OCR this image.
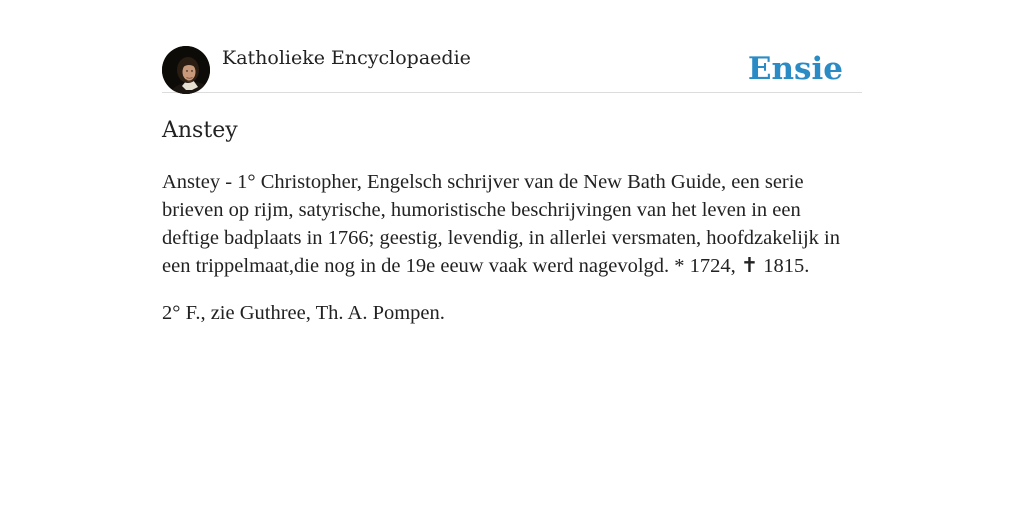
Katholieke Encyclopaedie	Ensie
Anstey

Anstey - 1° Christopher, Engelsch schrijver van de New Bath Guide, een serie brieven op rijm, satyrische, humoristische beschrijvingen van het leven in een deftige badplaats in 1766; geestig, levendig, in allerlei versmaten, hoofdzakelijk in een trippelmaat,die nog in de 19e eeuw vaak werd nagevolgd. * 1724, ✝ 1815.

2° F., zie Guthree, Th. A. Pompen.
